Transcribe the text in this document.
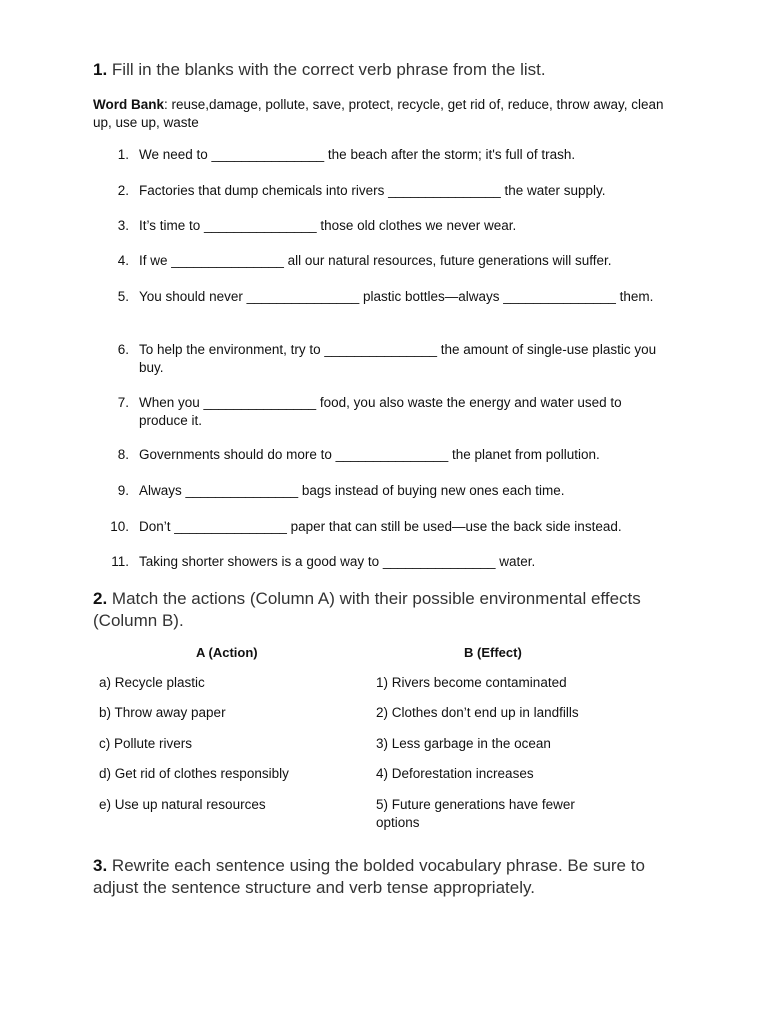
1. Fill in the blanks with the correct verb phrase from the list.
Word Bank: reuse,damage, pollute, save, protect, recycle, get rid of, reduce, throw away, clean up, use up, waste
1. We need to _______________ the beach after the storm; it's full of trash.
2. Factories that dump chemicals into rivers _______________ the water supply.
3. It’s time to _______________ those old clothes we never wear.
4. If we _______________ all our natural resources, future generations will suffer.
5. You should never _______________ plastic bottles—always _______________ them.
6. To help the environment, try to _______________ the amount of single-use plastic you buy.
7. When you _______________ food, you also waste the energy and water used to produce it.
8. Governments should do more to _______________ the planet from pollution.
9. Always _______________ bags instead of buying new ones each time.
10. Don’t _______________ paper that can still be used—use the back side instead.
11. Taking shorter showers is a good way to _______________ water.
2. Match the actions (Column A) with their possible environmental effects (Column B).
A (Action)	B (Effect)
a) Recycle plastic
b) Throw away paper
c) Pollute rivers
d) Get rid of clothes responsibly
e) Use up natural resources
1) Rivers become contaminated
2) Clothes don’t end up in landfills
3) Less garbage in the ocean
4) Deforestation increases
5) Future generations have fewer options
3. Rewrite each sentence using the bolded vocabulary phrase. Be sure to adjust the sentence structure and verb tense appropriately.
